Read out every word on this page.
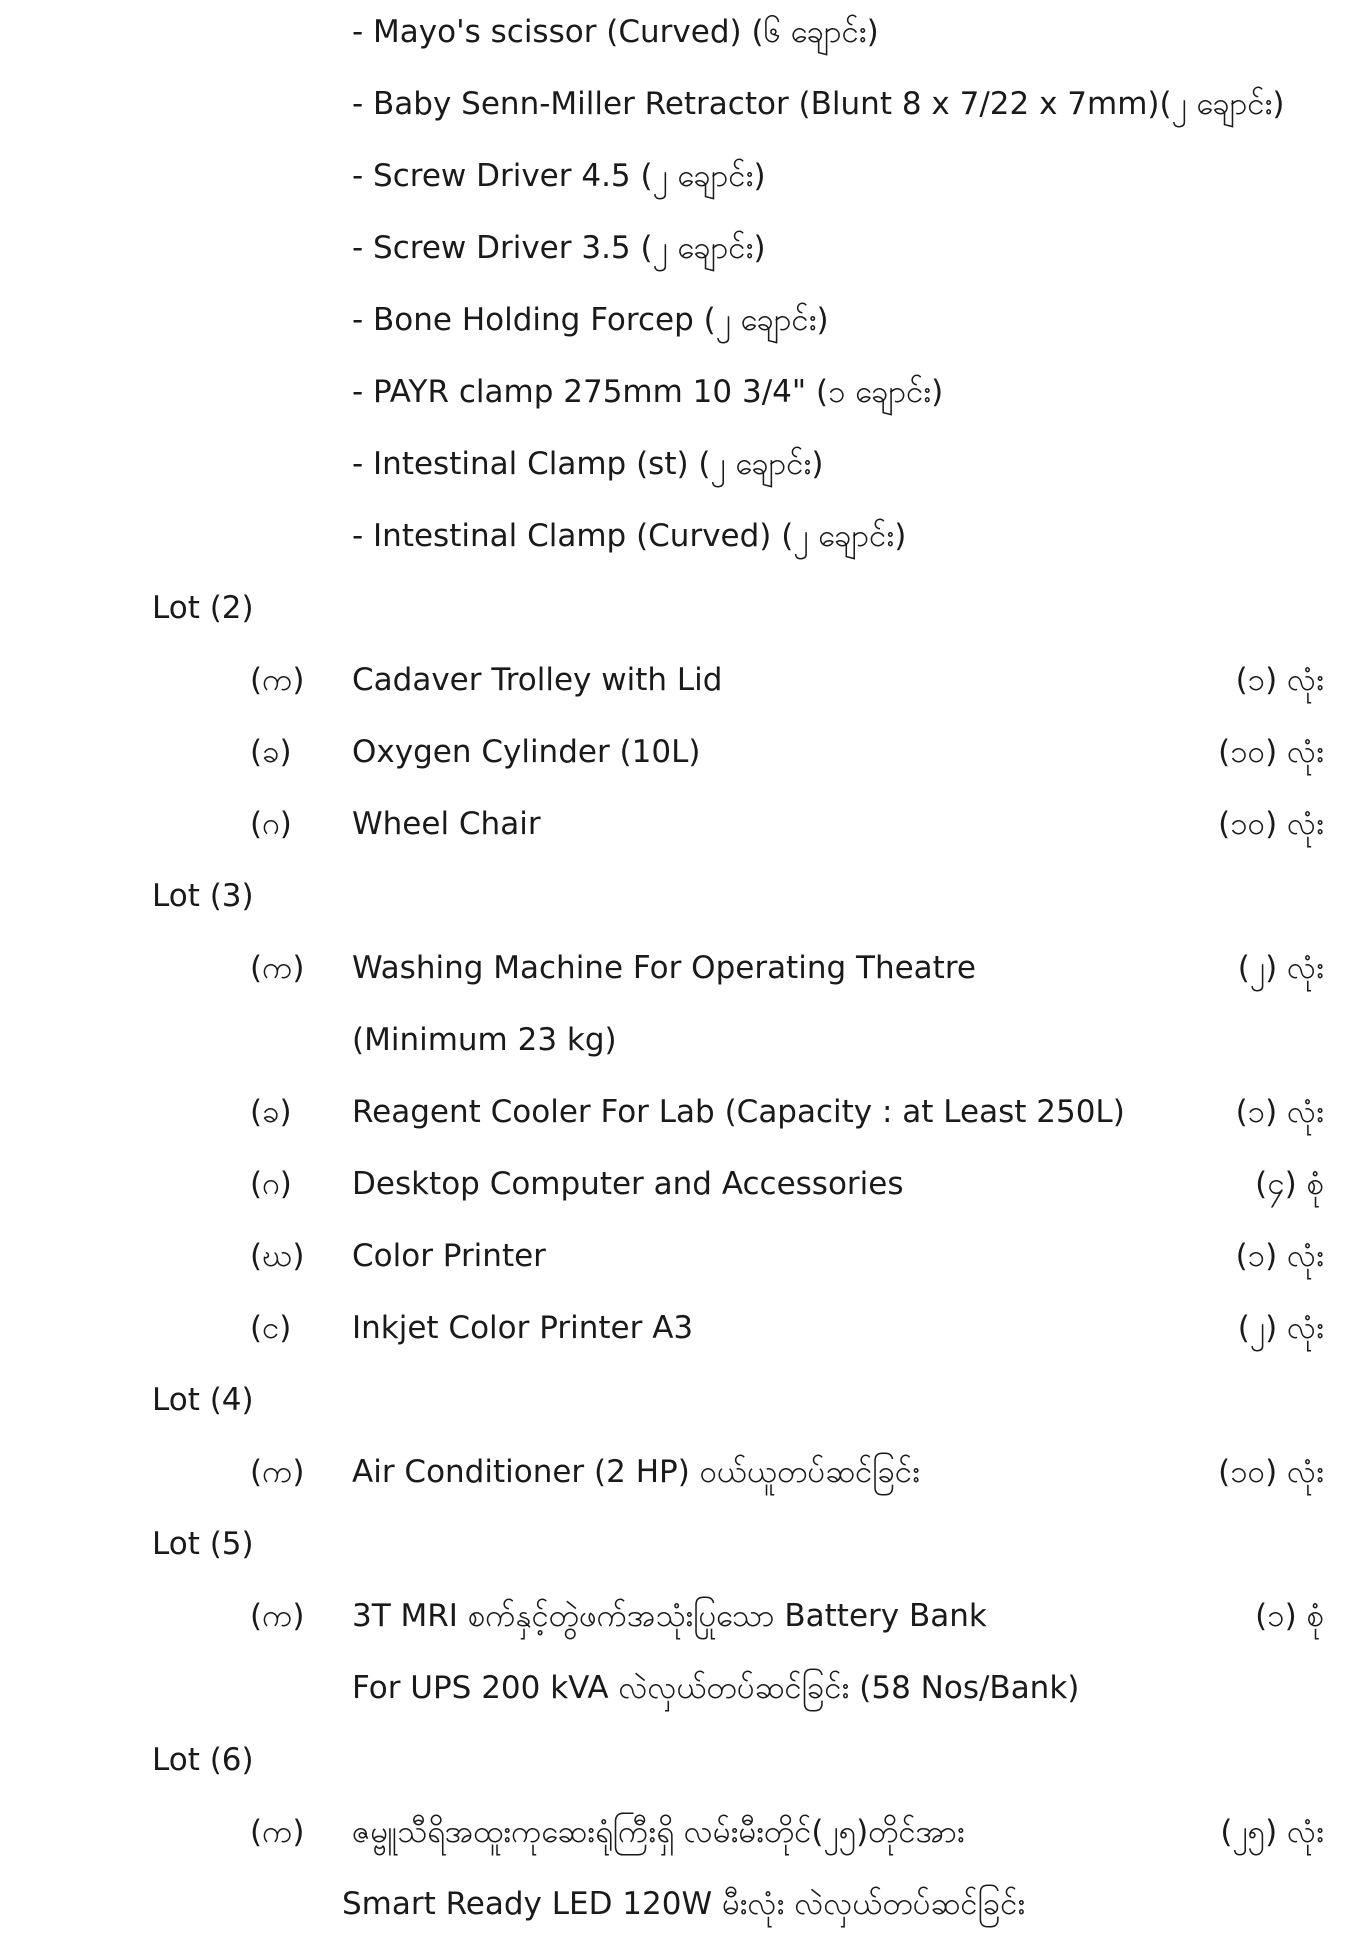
- Mayo's scissor (Curved) (၆ ချောင်း)
- Baby Senn-Miller Retractor (Blunt 8 x 7/22 x 7mm)(၂ ချောင်း)
- Screw Driver 4.5 (၂ ချောင်း)
- Screw Driver 3.5 (၂ ချောင်း)
- Bone Holding Forcep (၂ ချောင်း)
- PAYR clamp 275mm 10 3/4" (၁ ချောင်း)
- Intestinal Clamp (st) (၂ ချောင်း)
- Intestinal Clamp (Curved) (၂ ချောင်း)
Lot (2)
(က)	Cadaver Trolley with Lid	(၁) လုံး
(ခ)	Oxygen Cylinder (10L)	(၁၀) လုံး
(ဂ)	Wheel Chair	(၁၀) လုံး
Lot (3)
(က)	Washing Machine For Operating Theatre	(၂) လုံး
(Minimum 23 kg)
(ခ)	Reagent Cooler For Lab (Capacity : at Least 250L)	(၁) လုံး
(ဂ)	Desktop Computer and Accessories	(၄) စုံ
(ဃ)	Color Printer	(၁) လုံး
(င)	Inkjet Color Printer A3	(၂) လုံး
Lot (4)
(က)	Air Conditioner (2 HP) ဝယ်ယူတပ်ဆင်ခြင်း	(၁၀) လုံး
Lot (5)
(က)	3T MRI စက်နှင့်တွဲဖက်အသုံးပြုသော Battery Bank	(၁) စုံ
For UPS 200 kVA လဲလှယ်တပ်ဆင်ခြင်း (58 Nos/Bank)
Lot (6)
(က)	ဇမ္ဗူသီရိအထူးကုဆေးရုံကြီးရှိ လမ်းမီးတိုင်(၂၅)တိုင်အား	(၂၅) လုံး
Smart Ready LED 120W မီးလုံး လဲလှယ်တပ်ဆင်ခြင်း
